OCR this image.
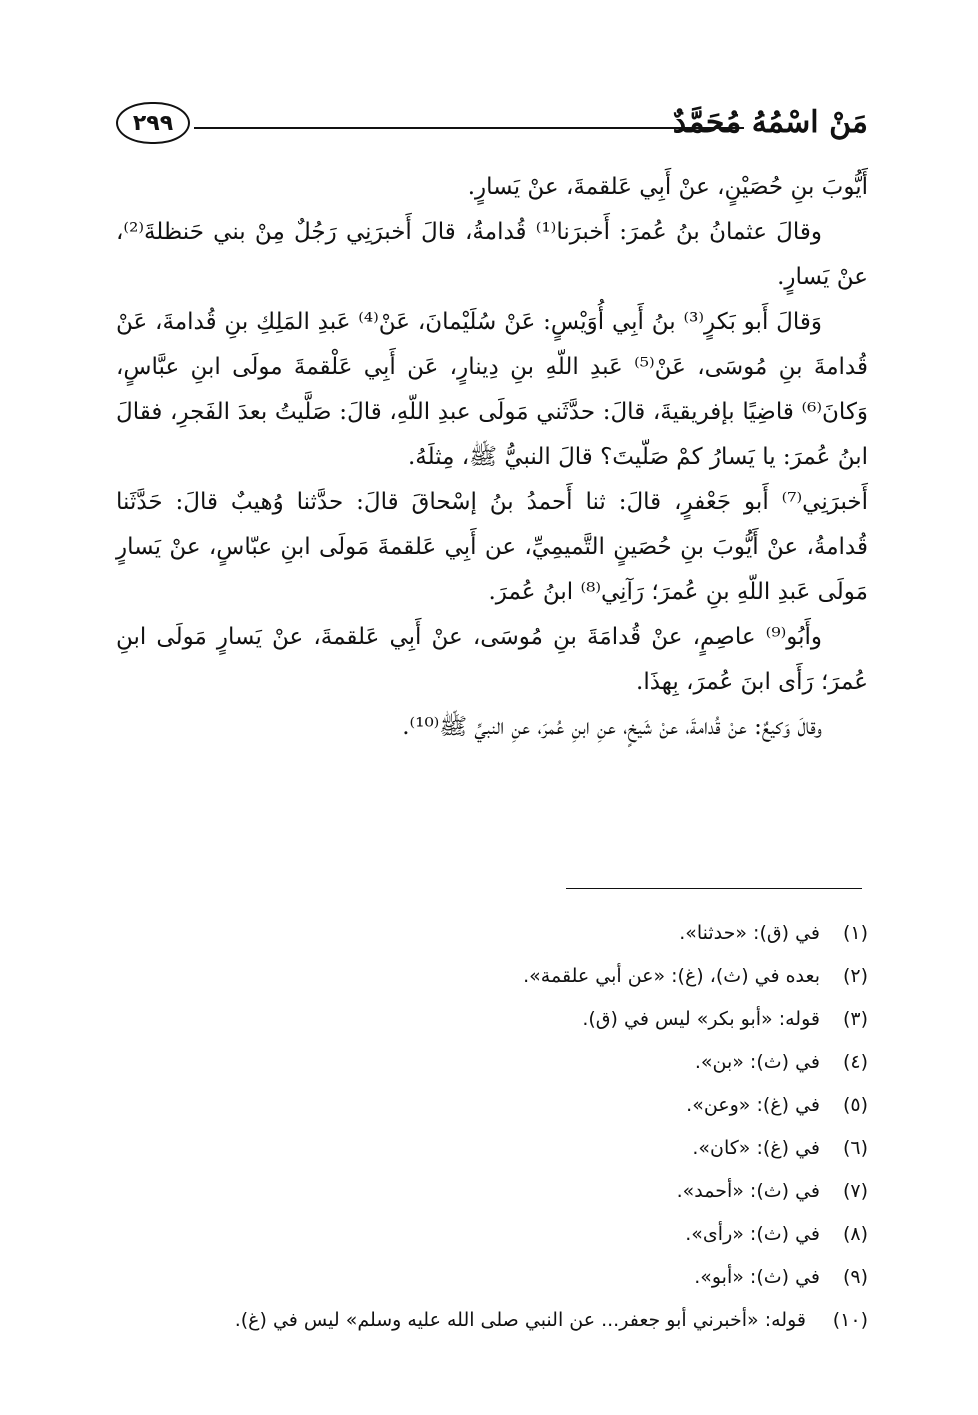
مَنْ اسْمُهُ مُحَمَّدٌ
٢٩٩

أَيُّوبَ بنِ حُصَيْنٍ، عنْ أَبِي عَلقمةَ، عنْ يَسارٍ.

وقالَ عثمانُ بنُ عُمرَ: أَخبرَنا⁽¹⁾ قُدامةُ، قالَ أَخبرَنِي رَجُلٌ مِنْ بني حَنظلةَ⁽²⁾، عنْ يَسارٍ.

وَقالَ أَبو بَكرٍ⁽³⁾ بنُ أَبِي أُوَيْسٍ: عَنْ سُلَيْمانَ، عَنْ⁽⁴⁾ عَبدِ المَلِكِ بنِ قُدامةَ، عَنْ قُدامةَ بنِ مُوسَى، عَنْ⁽⁵⁾ عَبدِ اللّهِ بنِ دِينارٍ، عَن أَبِي عَلْقمةَ مولَى ابنِ عبَّاسٍ، وَكانَ⁽⁶⁾ قاضِيًا بإفريقيةَ، قالَ: حدَّثَني مَولَى عبدِ اللّهِ، قالَ: صَلَّيتُ بعدَ الفَجرِ، فقالَ ابنُ عُمرَ: يا يَسارُ كمْ صَلّيتَ؟ قالَ النبيُّ ﷺ، مِثلَهُ.

أَخبرَنِي⁽⁷⁾ أَبو جَعْفرٍ، قالَ: ثنا أَحمدُ بنُ إسْحاقَ قالَ: حدَّثنا وُهيبٌ قالَ: حَدَّثَنا قُدامةُ، عنْ أَيُّوبَ بنِ حُصَينٍ التَّميمِيِّ، عن أَبِي عَلقمةَ مَولَى ابنِ عبّاسٍ، عنْ يَسارٍ مَولَى عَبدِ اللّهِ بنِ عُمرَ؛ رَآنِي⁽⁸⁾ ابنُ عُمرَ.

وأَبُو⁽⁹⁾ عاصِمٍ، عنْ قُدامَةَ بنِ مُوسَى، عنْ أَبِي عَلقمةَ، عنْ يَسارٍ مَولَى ابنِ عُمرَ؛ رَأَى ابنَ عُمرَ، بِهذَا.

وقالَ وَكيعٌ: عنْ قُدامةَ، عنْ شَيخٍ، عنِ ابنِ عُمرَ، عنِ النبيِّ ﷺ⁽¹⁰⁾.

(١)
في (ق): «حدثنا».
(٢)
بعده في (ث)، (غ): «عن أبي علقمة».
(٣)
قوله: «أبو بكر» ليس في (ق).
(٤)
في (ث): «بن».
(٥)
في (غ): «وعن».
(٦)
في (غ): «كان».
(٧)
في (ث): «أحمد».
(٨)
في (ث): «رأى».
(٩)
في (ث): «أبو».
(١٠)
قوله: «أخبرني أبو جعفر... عن النبي صلى الله عليه وسلم» ليس في (غ).
